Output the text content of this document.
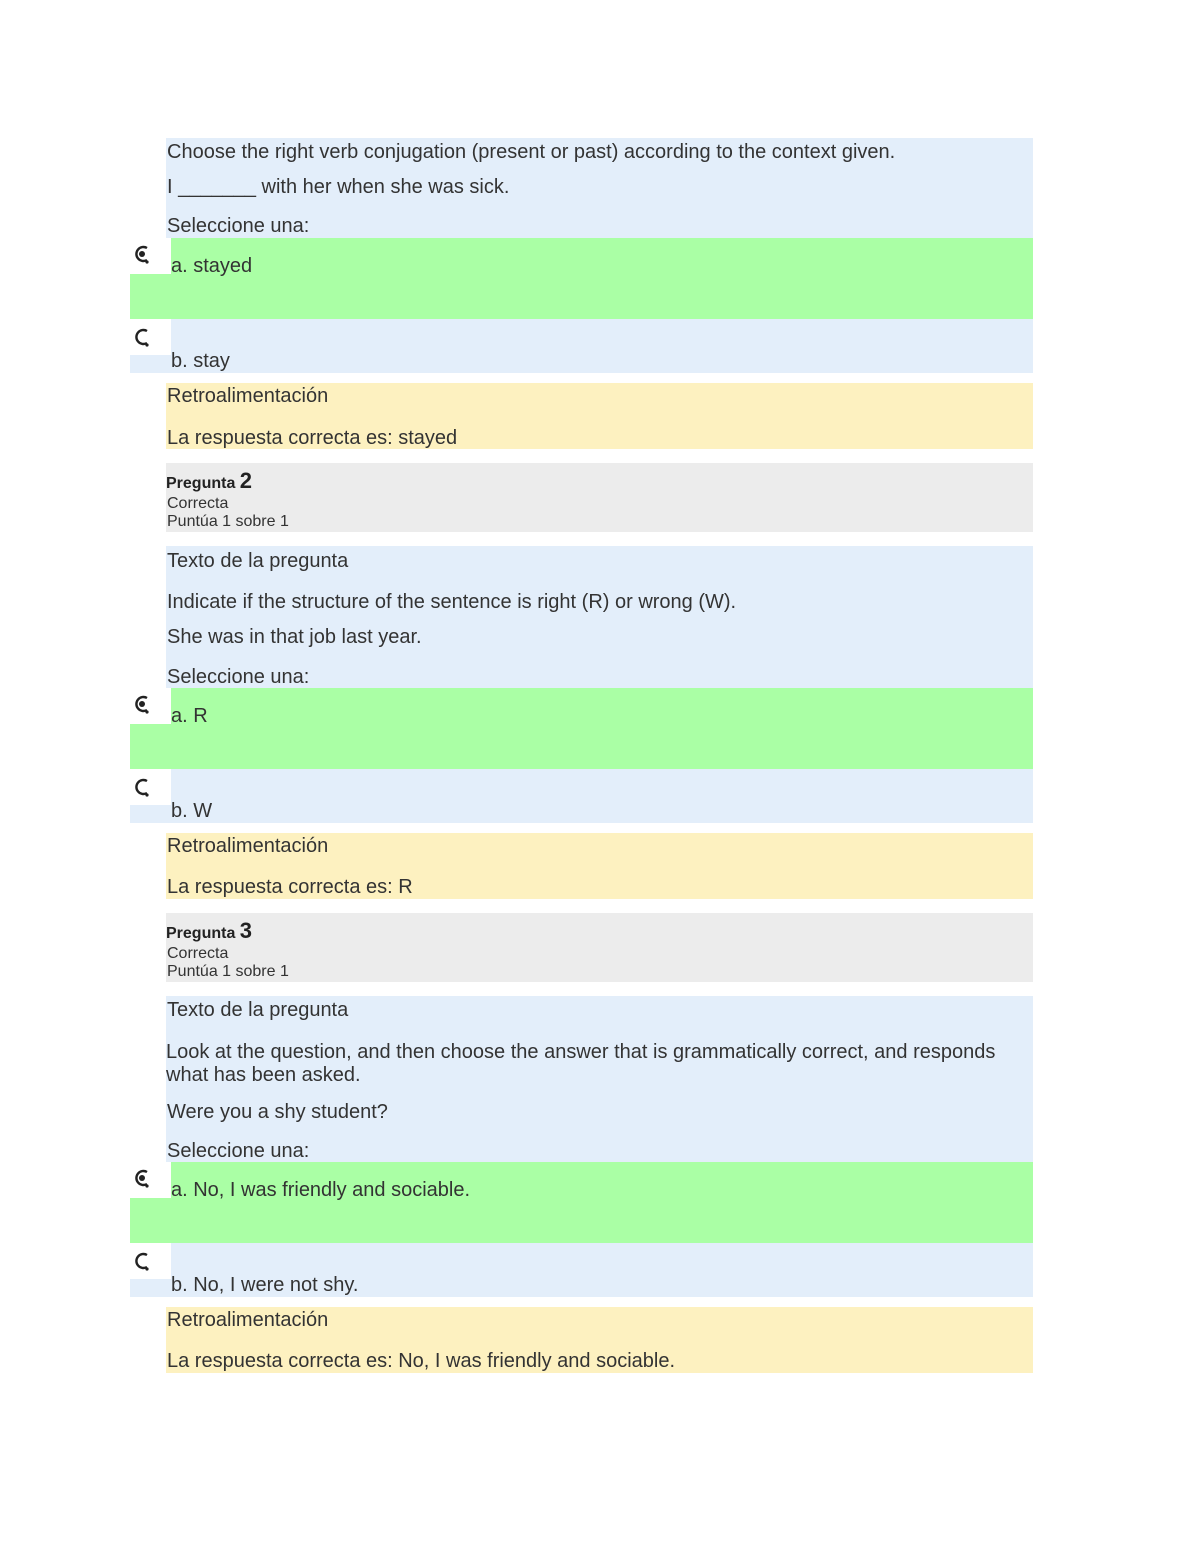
Choose the right verb conjugation (present or past) according to the context given.
I _______ with her when she was sick.
Seleccione una:
a. stayed
b. stay
Retroalimentación
La respuesta correcta es: stayed
Pregunta 2
Correcta
Puntúa 1 sobre 1
Texto de la pregunta
Indicate if the structure of the sentence is right (R) or wrong (W).
She was in that job last year.
Seleccione una:
a. R
b. W
Retroalimentación
La respuesta correcta es: R
Pregunta 3
Correcta
Puntúa 1 sobre 1
Texto de la pregunta
Look at the question, and then choose the answer that is grammatically correct, and responds what has been asked.
Were you a shy student?
Seleccione una:
a. No, I was friendly and sociable.
b. No, I were not shy.
Retroalimentación
La respuesta correcta es: No, I was friendly and sociable.
